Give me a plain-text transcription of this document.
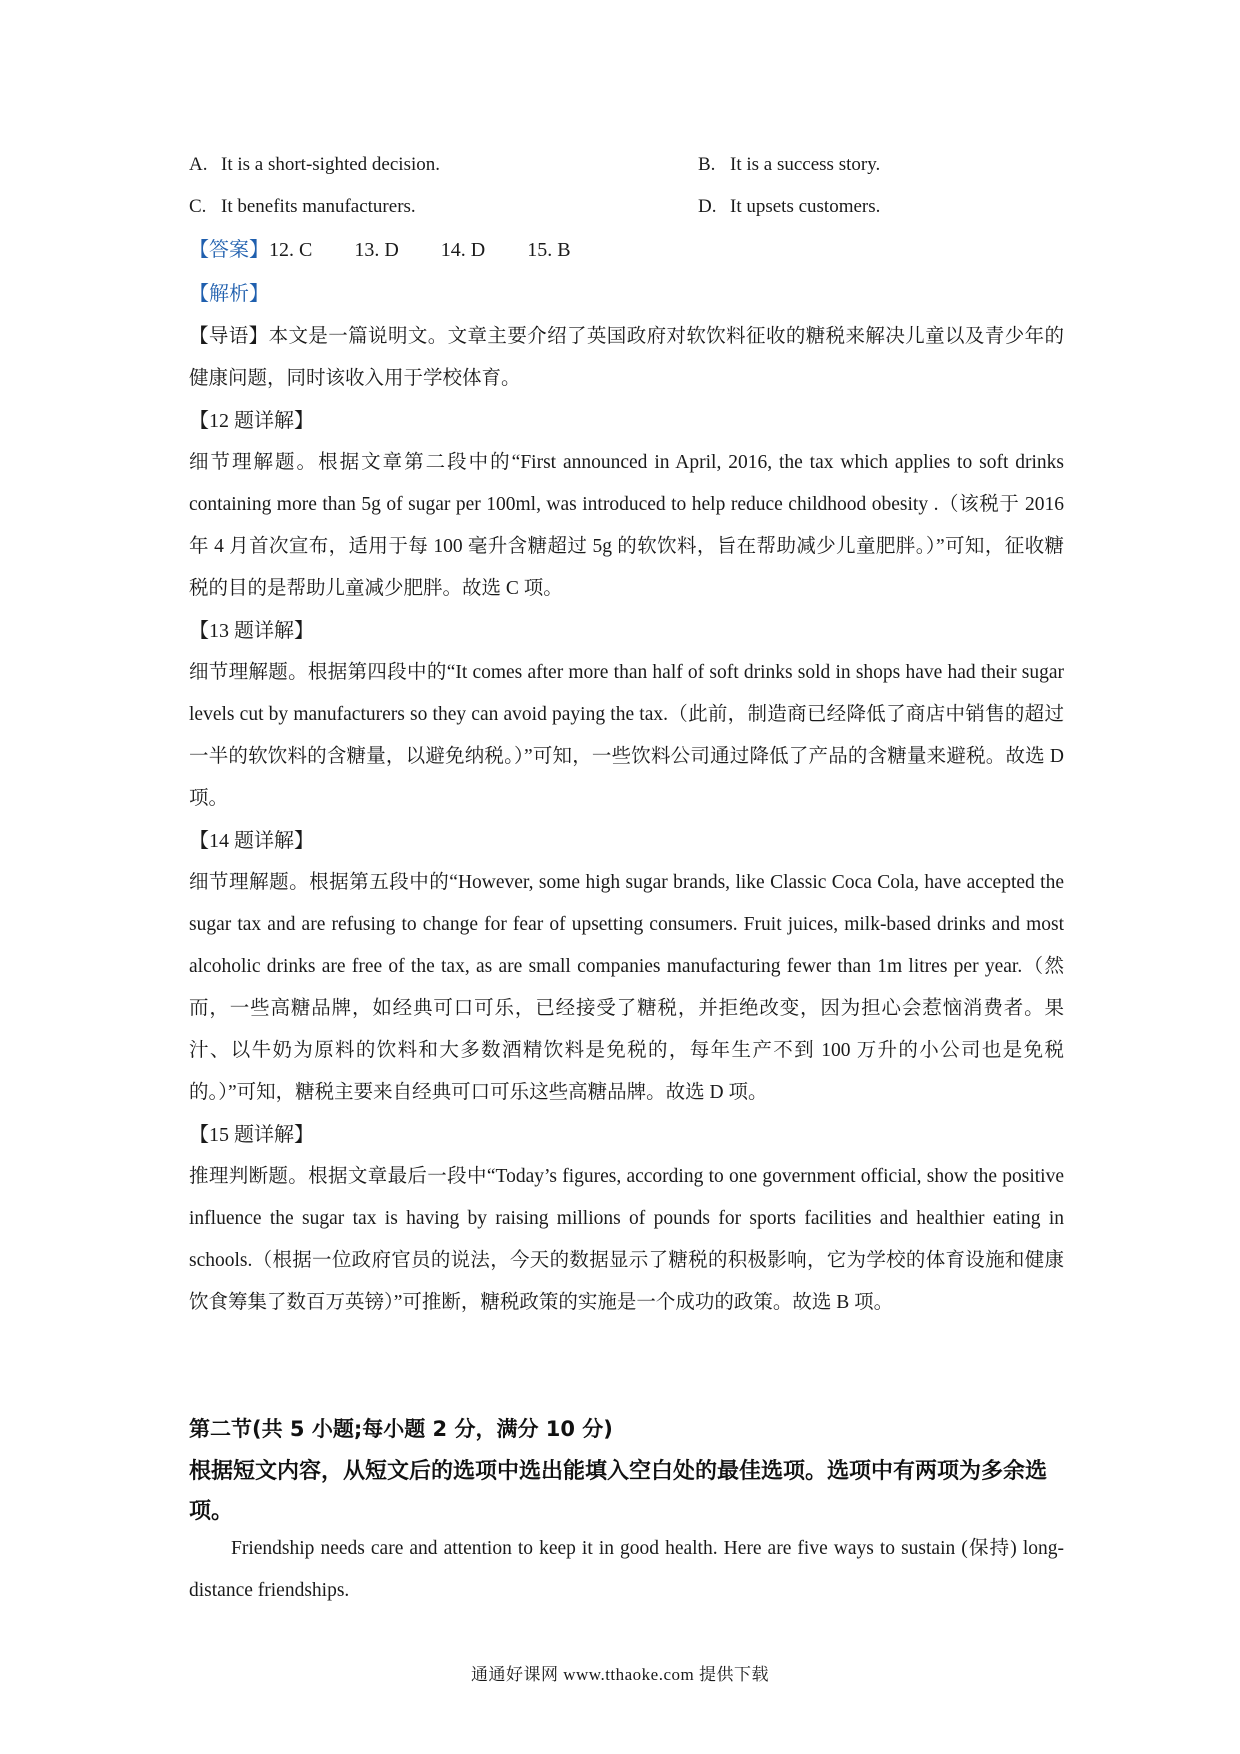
A. It is a short-sighted decision.	B. It is a success story.
C. It benefits manufacturers.	D. It upsets customers.
【答案】12. C 13. D 14. D 15. B
【解析】

【导语】本文是一篇说明文。文章主要介绍了英国政府对软饮料征收的糖税来解决儿童以及青少年的健康问题，同时该收入用于学校体育。

【12 题详解】

细节理解题。根据文章第二段中的“First announced in April, 2016, the tax which applies to soft drinks containing more than 5g of sugar per 100ml, was introduced to help reduce childhood obesity .（该税于 2016 年 4 月首次宣布，适用于每 100 毫升含糖超过 5g 的软饮料，旨在帮助减少儿童肥胖。）”可知，征收糖税的目的是帮助儿童减少肥胖。故选 C 项。

【13 题详解】

细节理解题。根据第四段中的“It comes after more than half of soft drinks sold in shops have had their sugar levels cut by manufacturers so they can avoid paying the tax.（此前，制造商已经降低了商店中销售的超过一半的软饮料的含糖量，以避免纳税。）”可知，一些饮料公司通过降低了产品的含糖量来避税。故选 D 项。

【14 题详解】

细节理解题。根据第五段中的“However, some high sugar brands, like Classic Coca Cola, have accepted the sugar tax and are refusing to change for fear of upsetting consumers. Fruit juices, milk-based drinks and most alcoholic drinks are free of the tax, as are small companies manufacturing fewer than 1m litres per year.（然而，一些高糖品牌，如经典可口可乐，已经接受了糖税，并拒绝改变，因为担心会惹恼消费者。果汁、以牛奶为原料的饮料和大多数酒精饮料是免税的，每年生产不到 100 万升的小公司也是免税的。）”可知，糖税主要来自经典可口可乐这些高糖品牌。故选 D 项。

【15 题详解】

推理判断题。根据文章最后一段中“Today’s figures, according to one government official, show the positive influence the sugar tax is having by raising millions of pounds for sports facilities and healthier eating in schools.（根据一位政府官员的说法，今天的数据显示了糖税的积极影响，它为学校的体育设施和健康饮食筹集了数百万英镑）”可推断，糖税政策的实施是一个成功的政策。故选 B 项。

第二节(共 5 小题;每小题 2 分，满分 10 分)
根据短文内容，从短文后的选项中选出能填入空白处的最佳选项。选项中有两项为多余选项。
Friendship needs care and attention to keep it in good health. Here are five ways to sustain (保持) long-distance friendships.
通通好课网 www.tthaoke.com 提供下载
